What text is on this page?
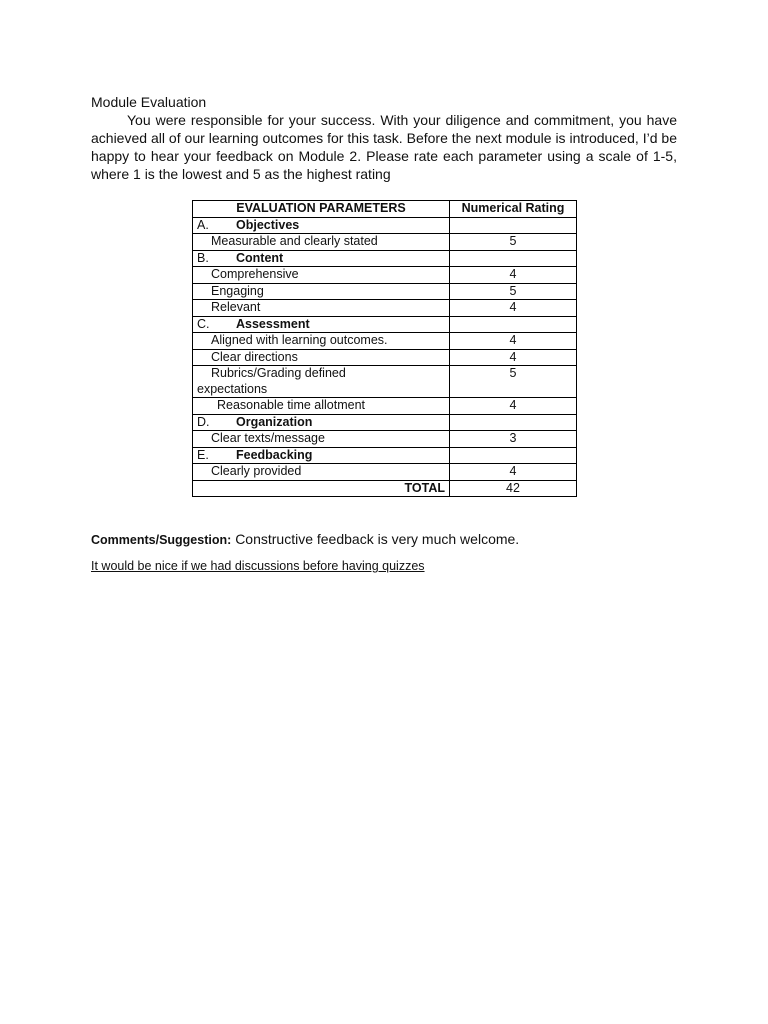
Module Evaluation

You were responsible for your success. With your diligence and commitment, you have achieved all of our learning outcomes for this task. Before the next module is introduced, I’d be happy to hear your feedback on Module 2. Please rate each parameter using a scale of 1-5, where 1 is the lowest and 5 as the highest rating

EVALUATION PARAMETERS	Numerical Rating
A. Objectives	
Measurable and clearly stated	5
B. Content	
Comprehensive	4
Engaging	5
Relevant	4
C. Assessment	
Aligned with learning outcomes.	4
Clear directions	4
Rubrics/Grading defined
expectations	5
Reasonable time allotment	4
D. Organization	
Clear texts/message	3
E. Feedbacking	
Clearly provided	4
TOTAL	42
Comments/Suggestion: Constructive feedback is very much welcome.
It would be nice if we had discussions before having quizzes
